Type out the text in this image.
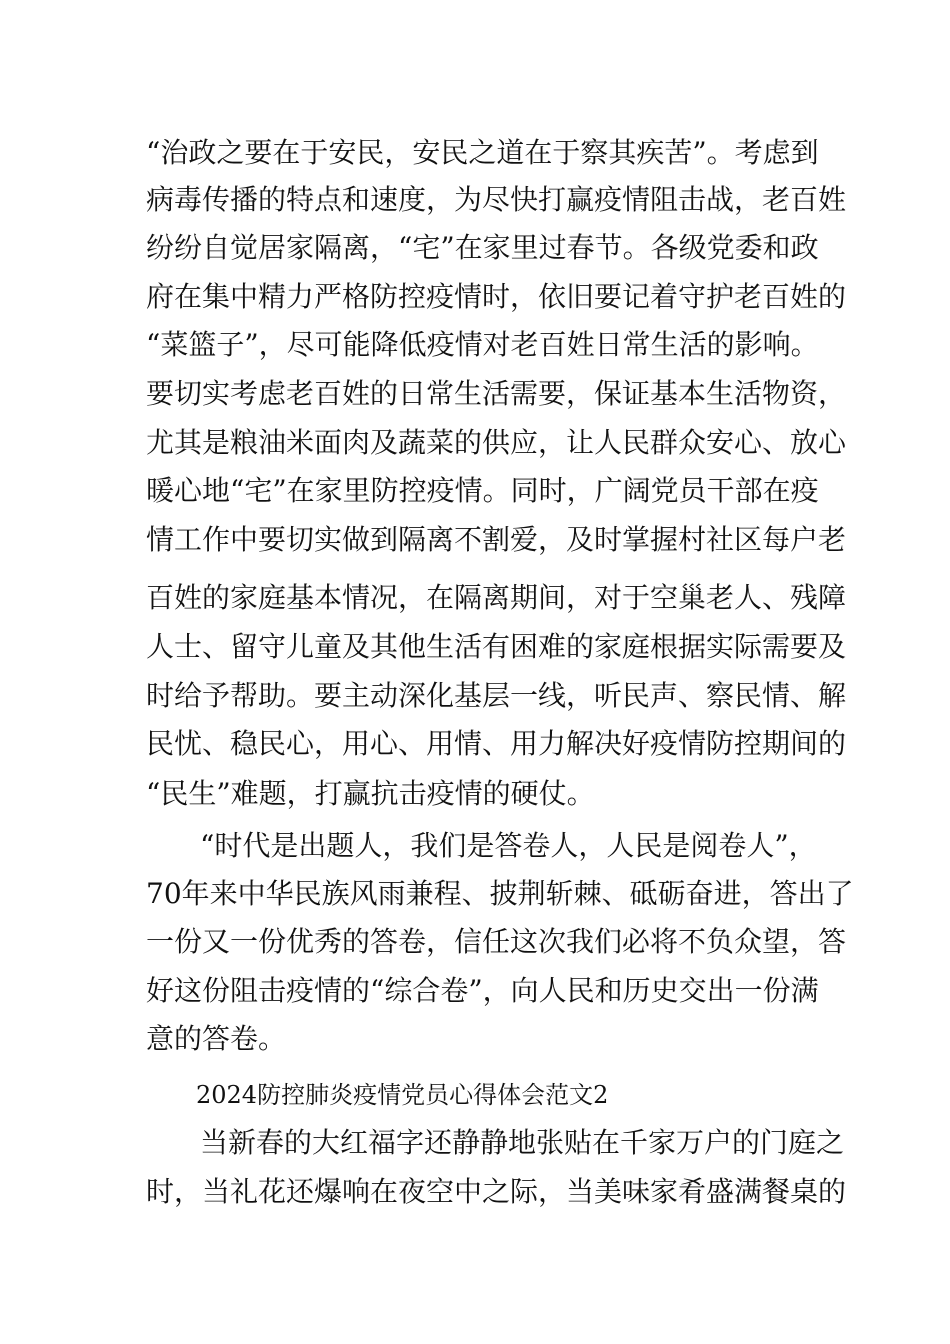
“治政之要在于安民，安民之道在于察其疾苦”。考虑到
病毒传播的特点和速度，为尽快打赢疫情阻击战，老百姓
纷纷自觉居家隔离，“宅”在家里过春节。各级党委和政
府在集中精力严格防控疫情时，依旧要记着守护老百姓的
“菜篮子”，尽可能降低疫情对老百姓日常生活的影响。
要切实考虑老百姓的日常生活需要，保证基本生活物资，
尤其是粮油米面肉及蔬菜的供应，让人民群众安心、放心
暖心地“宅”在家里防控疫情。同时，广阔党员干部在疫
情工作中要切实做到隔离不割爱，及时掌握村社区每户老
百姓的家庭基本情况，在隔离期间，对于空巢老人、残障
人士、留守儿童及其他生活有困难的家庭根据实际需要及
时给予帮助。要主动深化基层一线，听民声、察民情、解
民忧、稳民心，用心、用情、用力解决好疫情防控期间的
“民生”难题，打赢抗击疫情的硬仗。
“时代是出题人，我们是答卷人，人民是阅卷人”，
70年来中华民族风雨兼程、披荆斩棘、砥砺奋进，答出了
一份又一份优秀的答卷，信任这次我们必将不负众望，答
好这份阻击疫情的“综合卷”，向人民和历史交出一份满
意的答卷。
2024防控肺炎疫情党员心得体会范文2
当新春的大红福字还静静地张贴在千家万户的门庭之
时，当礼花还爆响在夜空中之际，当美味家肴盛满餐桌的
